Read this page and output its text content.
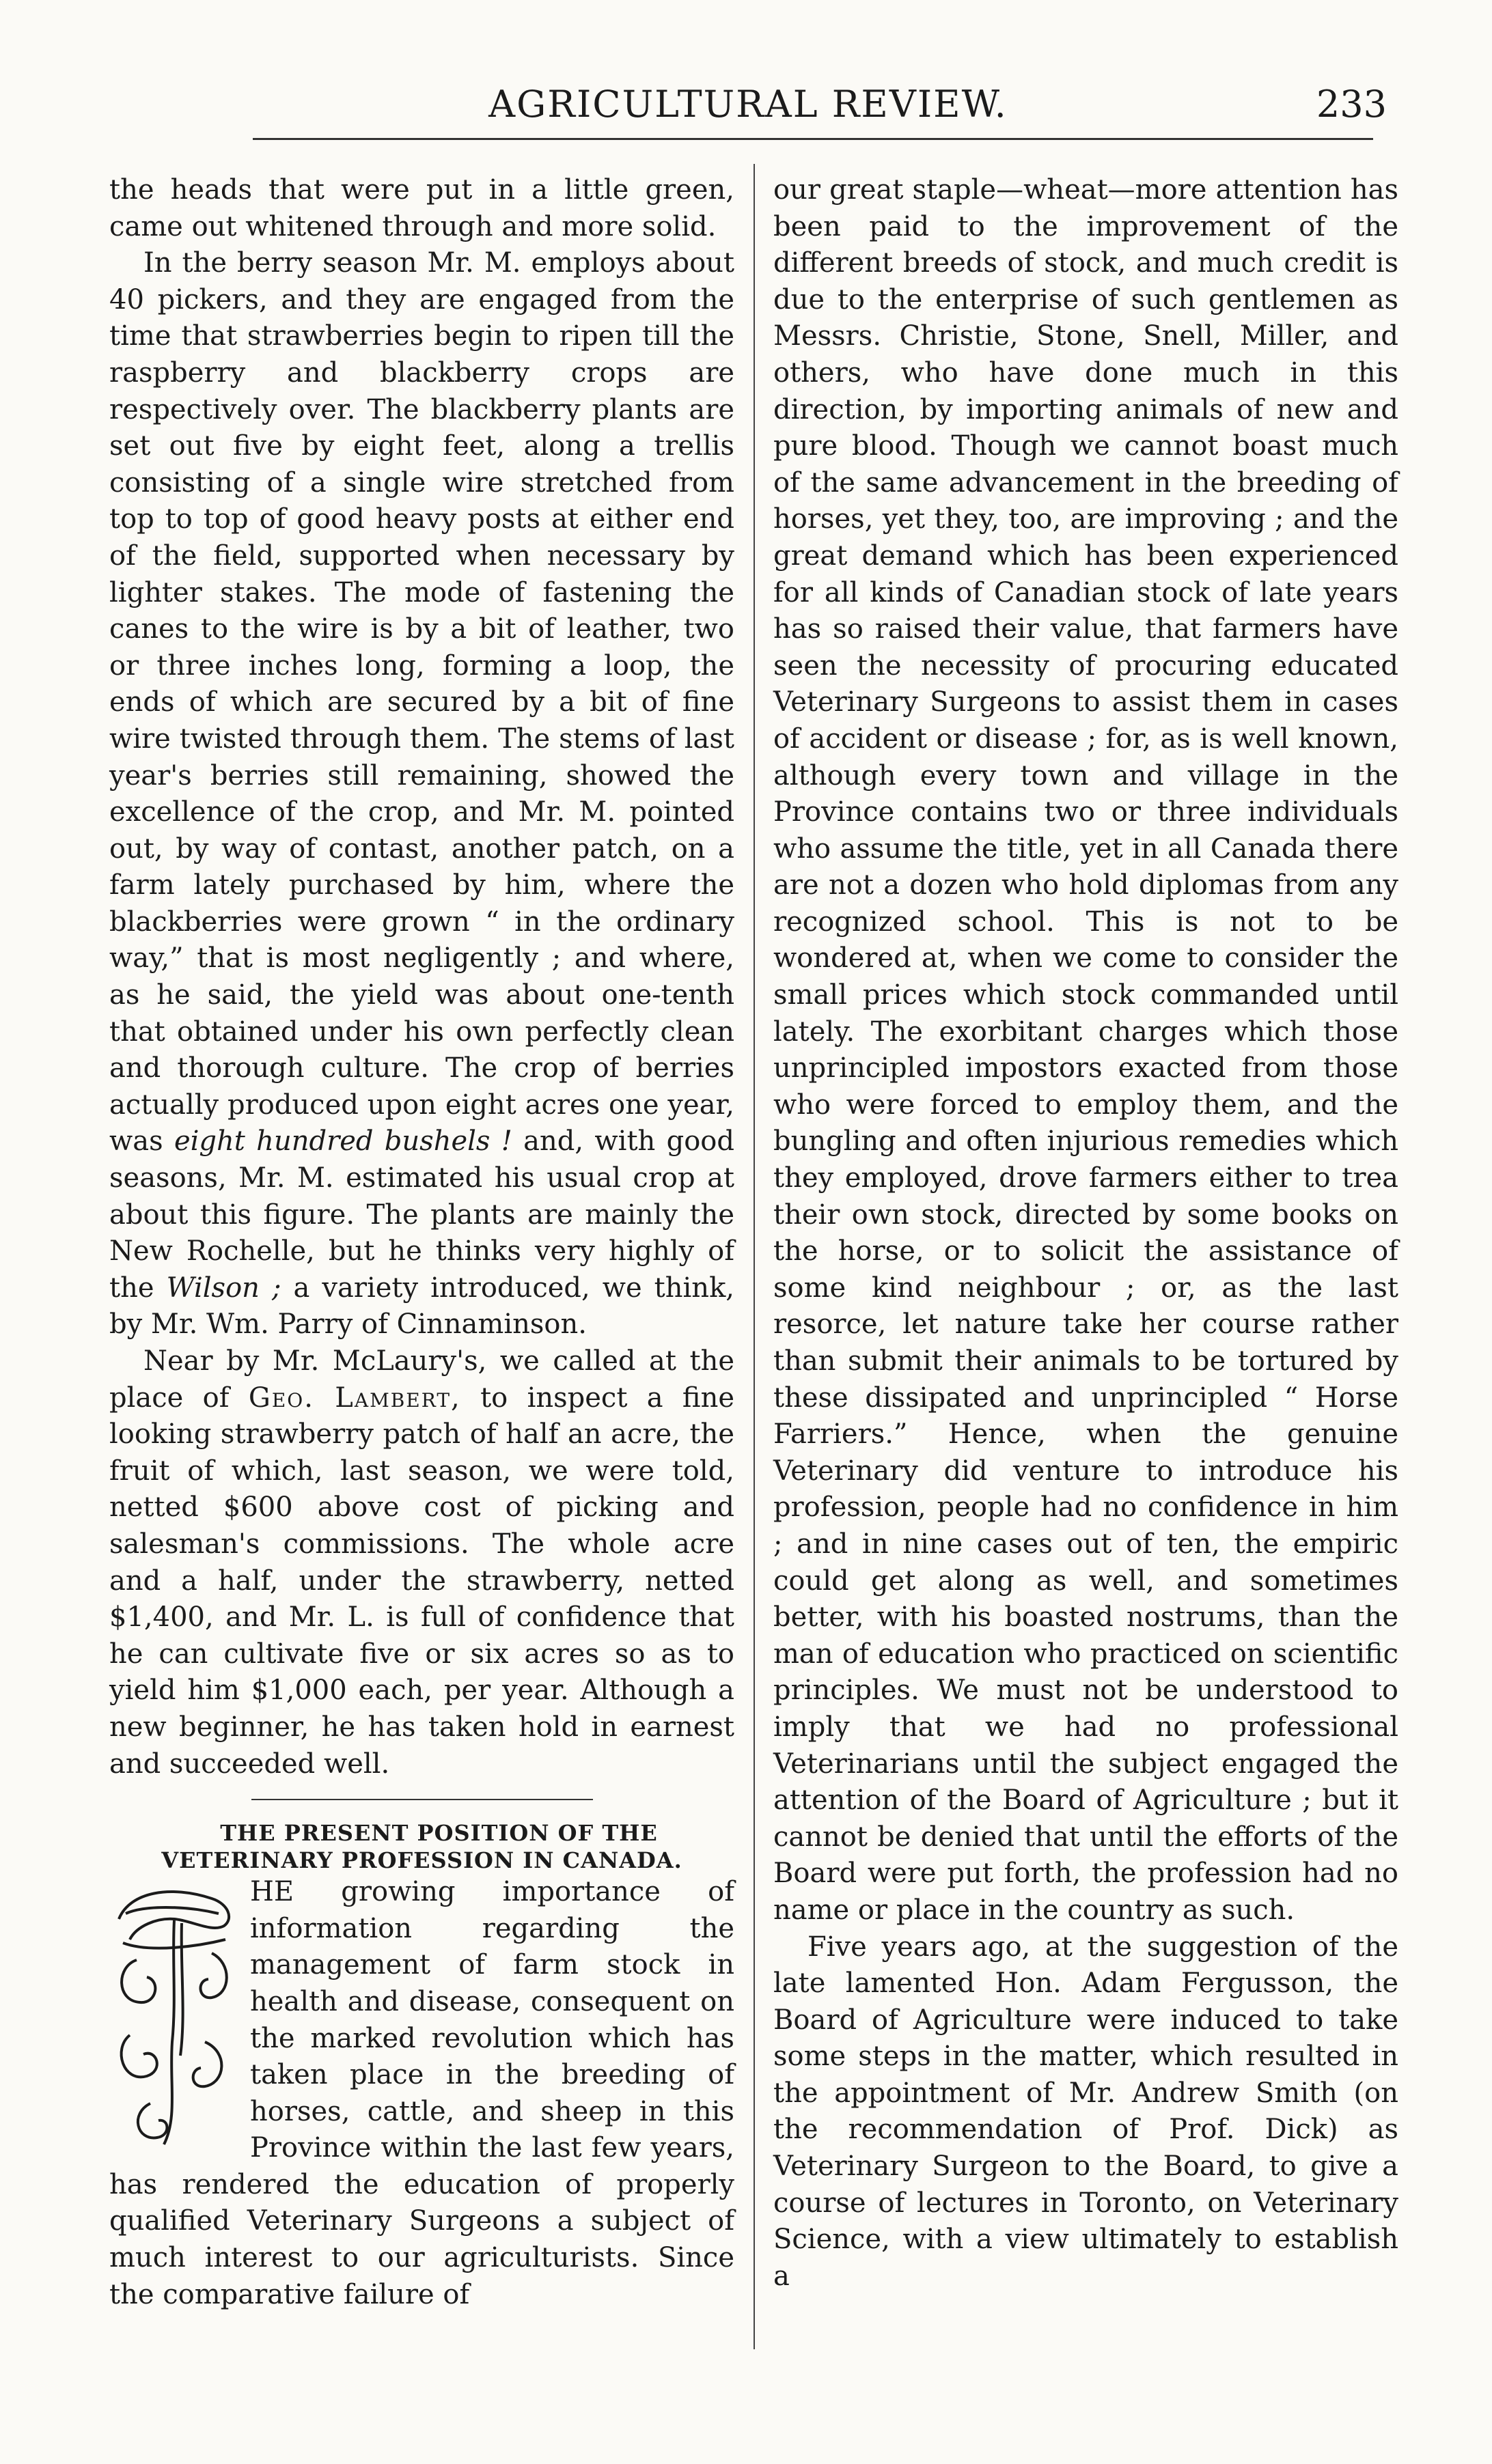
AGRICULTURAL REVIEW.	233

the heads that were put in a little green, came out whitened through and more solid.

In the berry season Mr. M. employs about 40 pickers, and they are engaged from the time that strawberries begin to ripen till the raspberry and blackberry crops are respectively over. The blackberry plants are set out five by eight feet, along a trellis consisting of a single wire stretched from top to top of good heavy posts at either end of the field, supported when necessary by lighter stakes. The mode of fastening the canes to the wire is by a bit of leather, two or three inches long, forming a loop, the ends of which are secured by a bit of fine wire twisted through them. The stems of last year's berries still remaining, showed the excellence of the crop, and Mr. M. pointed out, by way of contast, another patch, on a farm lately purchased by him, where the blackberries were grown “ in the ordinary way,” that is most negligently ; and where, as he said, the yield was about one-tenth that obtained under his own perfectly clean and thorough culture. The crop of berries actually produced upon eight acres one year, was eight hundred bushels ! and, with good seasons, Mr. M. estimated his usual crop at about this figure. The plants are mainly the New Rochelle, but he thinks very highly of the Wilson ; a variety introduced, we think, by Mr. Wm. Parry of Cinnaminson.

Near by Mr. McLaury's, we called at the place of Geo. Lambert, to inspect a fine looking strawberry patch of half an acre, the fruit of which, last season, we were told, netted $600 above cost of picking and salesman's commissions. The whole acre and a half, under the strawberry, netted $1,400, and Mr. L. is full of confidence that he can cultivate five or six acres so as to yield him $1,000 each, per year. Although a new beginner, he has taken hold in earnest and succeeded well.

THE PRESENT POSITION OF THE VETERINARY PROFESSION IN CANADA.

HE growing importance of information regarding the management of farm stock in health and disease, consequent on the marked revolution which has taken place in the breeding of horses, cattle, and sheep in this Province within the last few years, has rendered the education of properly qualified Veterinary Surgeons a subject of much interest to our agriculturists. Since the comparative failure of

our great staple—wheat—more attention has been paid to the improvement of the different breeds of stock, and much credit is due to the enterprise of such gentlemen as Messrs. Christie, Stone, Snell, Miller, and others, who have done much in this direction, by importing animals of new and pure blood. Though we cannot boast much of the same advancement in the breeding of horses, yet they, too, are improving ; and the great demand which has been experienced for all kinds of Canadian stock of late years has so raised their value, that farmers have seen the necessity of procuring educated Veterinary Surgeons to assist them in cases of accident or disease ; for, as is well known, although every town and village in the Province contains two or three individuals who assume the title, yet in all Canada there are not a dozen who hold diplomas from any recognized school. This is not to be wondered at, when we come to consider the small prices which stock commanded until lately. The exorbitant charges which those unprincipled impostors exacted from those who were forced to employ them, and the bungling and often injurious remedies which they employed, drove farmers either to trea their own stock, directed by some books on the horse, or to solicit the assistance of some kind neighbour ; or, as the last resorce, let nature take her course rather than submit their animals to be tortured by these dissipated and unprincipled “ Horse Farriers.” Hence, when the genuine Veterinary did venture to introduce his profession, people had no confidence in him ; and in nine cases out of ten, the empiric could get along as well, and sometimes better, with his boasted nostrums, than the man of education who practiced on scientific principles. We must not be understood to imply that we had no professional Veterinarians until the subject engaged the attention of the Board of Agriculture ; but it cannot be denied that until the efforts of the Board were put forth, the profession had no name or place in the country as such.

Five years ago, at the suggestion of the late lamented Hon. Adam Fergusson, the Board of Agriculture were induced to take some steps in the matter, which resulted in the appointment of Mr. Andrew Smith (on the recommendation of Prof. Dick) as Veterinary Surgeon to the Board, to give a course of lectures in Toronto, on Veterinary Science, with a view ultimately to establish a
